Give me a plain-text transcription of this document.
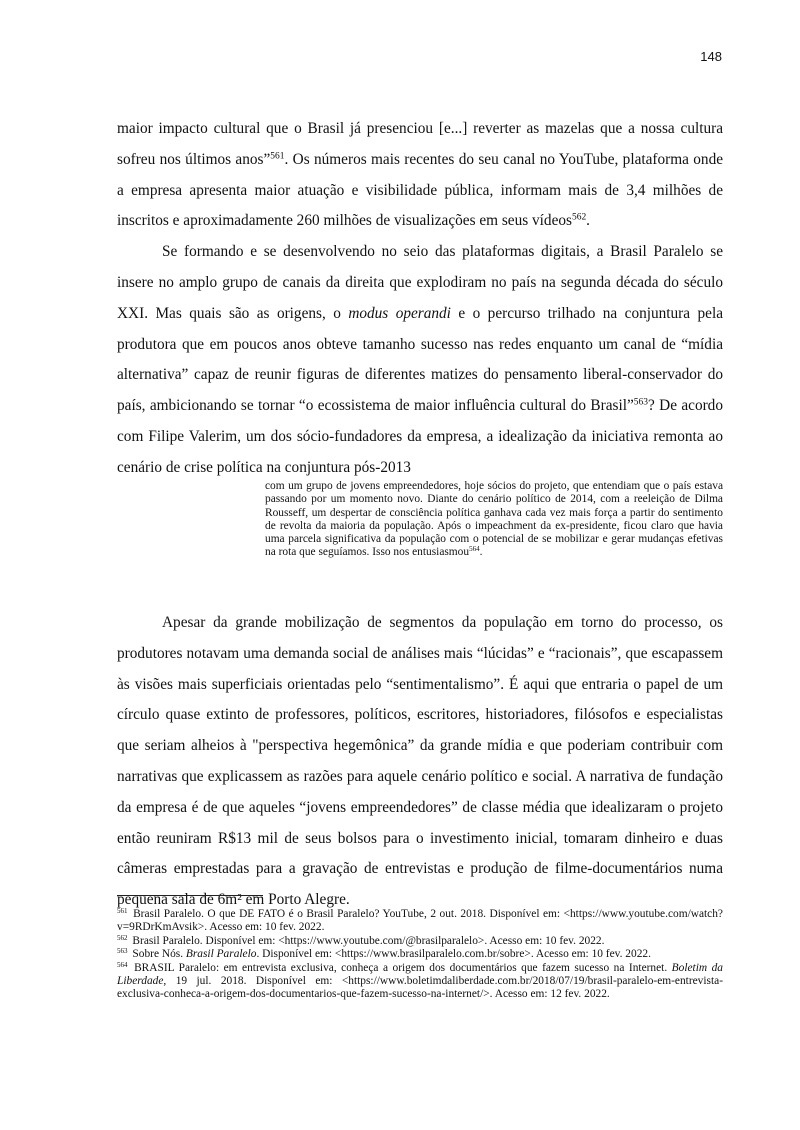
148

maior impacto cultural que o Brasil já presenciou [e...] reverter as mazelas que a nossa cultura sofreu nos últimos anos”$^{561}$. Os números mais recentes do seu canal no YouTube, plataforma onde a empresa apresenta maior atuação e visibilidade pública, informam mais de 3,4 milhões de inscritos e aproximadamente 260 milhões de visualizações em seus vídeos$^{562}$.

Se formando e se desenvolvendo no seio das plataformas digitais, a Brasil Paralelo se insere no amplo grupo de canais da direita que explodiram no país na segunda década do século XXI. Mas quais são as origens, o modus operandi e o percurso trilhado na conjuntura pela produtora que em poucos anos obteve tamanho sucesso nas redes enquanto um canal de “mídia alternativa” capaz de reunir figuras de diferentes matizes do pensamento liberal-conservador do país, ambicionando se tornar “o ecossistema de maior influência cultural do Brasil”$^{563}$? De acordo com Filipe Valerim, um dos sócio-fundadores da empresa, a idealização da iniciativa remonta ao cenário de crise política na conjuntura pós-2013

com um grupo de jovens empreendedores, hoje sócios do projeto, que entendiam que o país estava passando por um momento novo. Diante do cenário político de 2014, com a reeleição de Dilma Rousseff, um despertar de consciência política ganhava cada vez mais força a partir do sentimento de revolta da maioria da população. Após o impeachment da ex-presidente, ficou claro que havia uma parcela significativa da população com o potencial de se mobilizar e gerar mudanças efetivas na rota que seguíamos. Isso nos entusiasmou$^{564}$.

Apesar da grande mobilização de segmentos da população em torno do processo, os produtores notavam uma demanda social de análises mais “lúcidas” e “racionais”, que escapassem às visões mais superficiais orientadas pelo “sentimentalismo”. É aqui que entraria o papel de um círculo quase extinto de professores, políticos, escritores, historiadores, filósofos e especialistas que seriam alheios à "perspectiva hegemônica” da grande mídia e que poderiam contribuir com narrativas que explicassem as razões para aquele cenário político e social. A narrativa de fundação da empresa é de que aqueles “jovens empreendedores” de classe média que idealizaram o projeto então reuniram R$13 mil de seus bolsos para o investimento inicial, tomaram dinheiro e duas câmeras emprestadas para a gravação de entrevistas e produção de filme-documentários numa pequena sala de 6m² em Porto Alegre.

$^{561}$ Brasil Paralelo. O que DE FATO é o Brasil Paralelo? YouTube, 2 out. 2018. Disponível em: <https://www.youtube.com/watch?v=9RDrKmAvsik>. Acesso em: 10 fev. 2022.

$^{562}$ Brasil Paralelo. Disponível em: <https://www.youtube.com/@brasilparalelo>. Acesso em: 10 fev. 2022.

$^{563}$ Sobre Nós. Brasil Paralelo. Disponível em: <https://www.brasilparalelo.com.br/sobre>. Acesso em: 10 fev. 2022.

$^{564}$ BRASIL Paralelo: em entrevista exclusiva, conheça a origem dos documentários que fazem sucesso na Internet. Boletim da Liberdade, 19 jul. 2018. Disponível em: <https://www.boletimdaliberdade.com.br/2018/07/19/brasil-paralelo-em-entrevista-exclusiva-conheca-a-origem-dos-documentarios-que-fazem-sucesso-na-internet/>. Acesso em: 12 fev. 2022.
